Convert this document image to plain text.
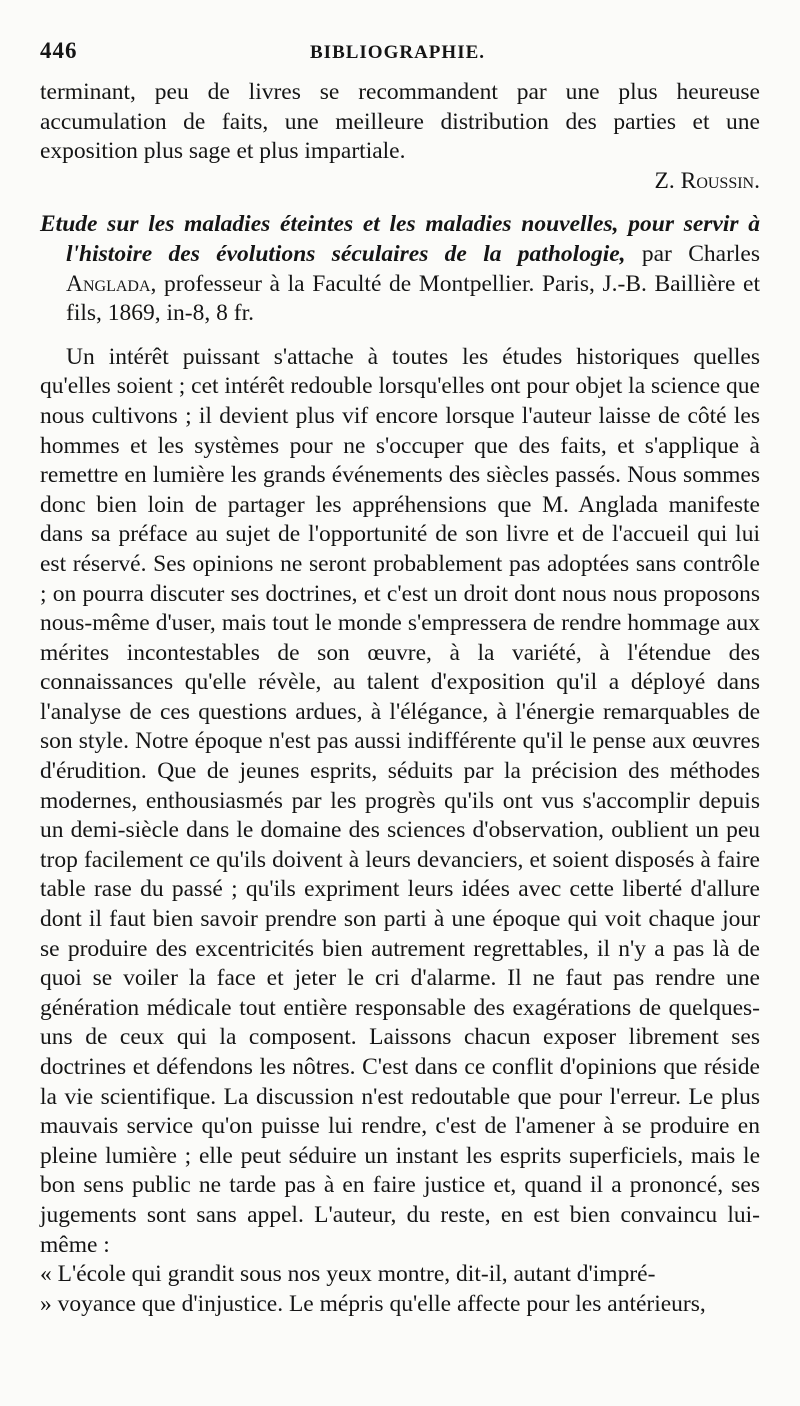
446	BIBLIOGRAPHIE.

terminant, peu de livres se recommandent par une plus heureuse accumulation de faits, une meilleure distribution des parties et une exposition plus sage et plus impartiale.

Z. Roussin.

Etude sur les maladies éteintes et les maladies nouvelles, pour servir à l'histoire des évolutions séculaires de la pathologie, par Charles Anglada, professeur à la Faculté de Montpellier. Paris, J.-B. Baillière et fils, 1869, in-8, 8 fr.

Un intérêt puissant s'attache à toutes les études historiques quelles qu'elles soient ; cet intérêt redouble lorsqu'elles ont pour objet la science que nous cultivons ; il devient plus vif encore lorsque l'auteur laisse de côté les hommes et les systèmes pour ne s'occuper que des faits, et s'applique à remettre en lumière les grands événements des siècles passés. Nous sommes donc bien loin de partager les appréhensions que M. Anglada manifeste dans sa préface au sujet de l'opportunité de son livre et de l'accueil qui lui est réservé. Ses opinions ne seront probablement pas adoptées sans contrôle ; on pourra discuter ses doctrines, et c'est un droit dont nous nous proposons nous-même d'user, mais tout le monde s'empressera de rendre hommage aux mérites incontestables de son œuvre, à la variété, à l'étendue des connaissances qu'elle révèle, au talent d'exposition qu'il a déployé dans l'analyse de ces questions ardues, à l'élégance, à l'énergie remarquables de son style. Notre époque n'est pas aussi indifférente qu'il le pense aux œuvres d'érudition. Que de jeunes esprits, séduits par la précision des méthodes modernes, enthousiasmés par les progrès qu'ils ont vus s'accomplir depuis un demi-siècle dans le domaine des sciences d'observation, oublient un peu trop facilement ce qu'ils doivent à leurs devanciers, et soient disposés à faire table rase du passé ; qu'ils expriment leurs idées avec cette liberté d'allure dont il faut bien savoir prendre son parti à une époque qui voit chaque jour se produire des excentricités bien autrement regrettables, il n'y a pas là de quoi se voiler la face et jeter le cri d'alarme. Il ne faut pas rendre une génération médicale tout entière responsable des exagérations de quelques-uns de ceux qui la composent. Laissons chacun exposer librement ses doctrines et défendons les nôtres. C'est dans ce conflit d'opinions que réside la vie scientifique. La discussion n'est redoutable que pour l'erreur. Le plus mauvais service qu'on puisse lui rendre, c'est de l'amener à se produire en pleine lumière ; elle peut séduire un instant les esprits superficiels, mais le bon sens public ne tarde pas à en faire justice et, quand il a prononcé, ses jugements sont sans appel. L'auteur, du reste, en est bien convaincu lui-même :

« L'école qui grandit sous nos yeux montre, dit-il, autant d'impré-

» voyance que d'injustice. Le mépris qu'elle affecte pour les antérieurs,
